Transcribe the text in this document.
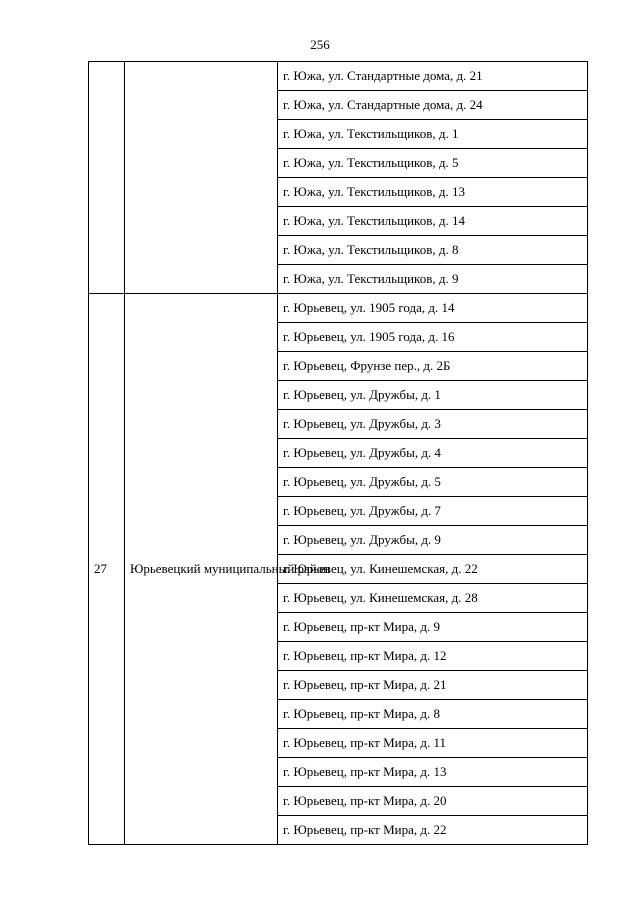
256
		г. Южа, ул. Стандартные дома, д. 21
		г. Южа, ул. Стандартные дома, д. 24
		г. Южа, ул. Текстильщиков, д. 1
		г. Южа, ул. Текстильщиков, д. 5
		г. Южа, ул. Текстильщиков, д. 13
		г. Южа, ул. Текстильщиков, д. 14
		г. Южа, ул. Текстильщиков, д. 8
		г. Южа, ул. Текстильщиков, д. 9
27	Юрьевецкий муниципальный район	г. Юрьевец, ул. 1905 года, д. 14
		г. Юрьевец, ул. 1905 года, д. 16
		г. Юрьевец, Фрунзе пер., д. 2Б
		г. Юрьевец, ул. Дружбы, д. 1
		г. Юрьевец, ул. Дружбы, д. 3
		г. Юрьевец, ул. Дружбы, д. 4
		г. Юрьевец, ул. Дружбы, д. 5
		г. Юрьевец, ул. Дружбы, д. 7
		г. Юрьевец, ул. Дружбы, д. 9
		г. Юрьевец, ул. Кинешемская, д. 22
		г. Юрьевец, ул. Кинешемская, д. 28
		г. Юрьевец, пр-кт Мира, д. 9
		г. Юрьевец, пр-кт Мира, д. 12
		г. Юрьевец, пр-кт Мира, д. 21
		г. Юрьевец, пр-кт Мира, д. 8
		г. Юрьевец, пр-кт Мира, д. 11
		г. Юрьевец, пр-кт Мира, д. 13
		г. Юрьевец, пр-кт Мира, д. 20
		г. Юрьевец, пр-кт Мира, д. 22
